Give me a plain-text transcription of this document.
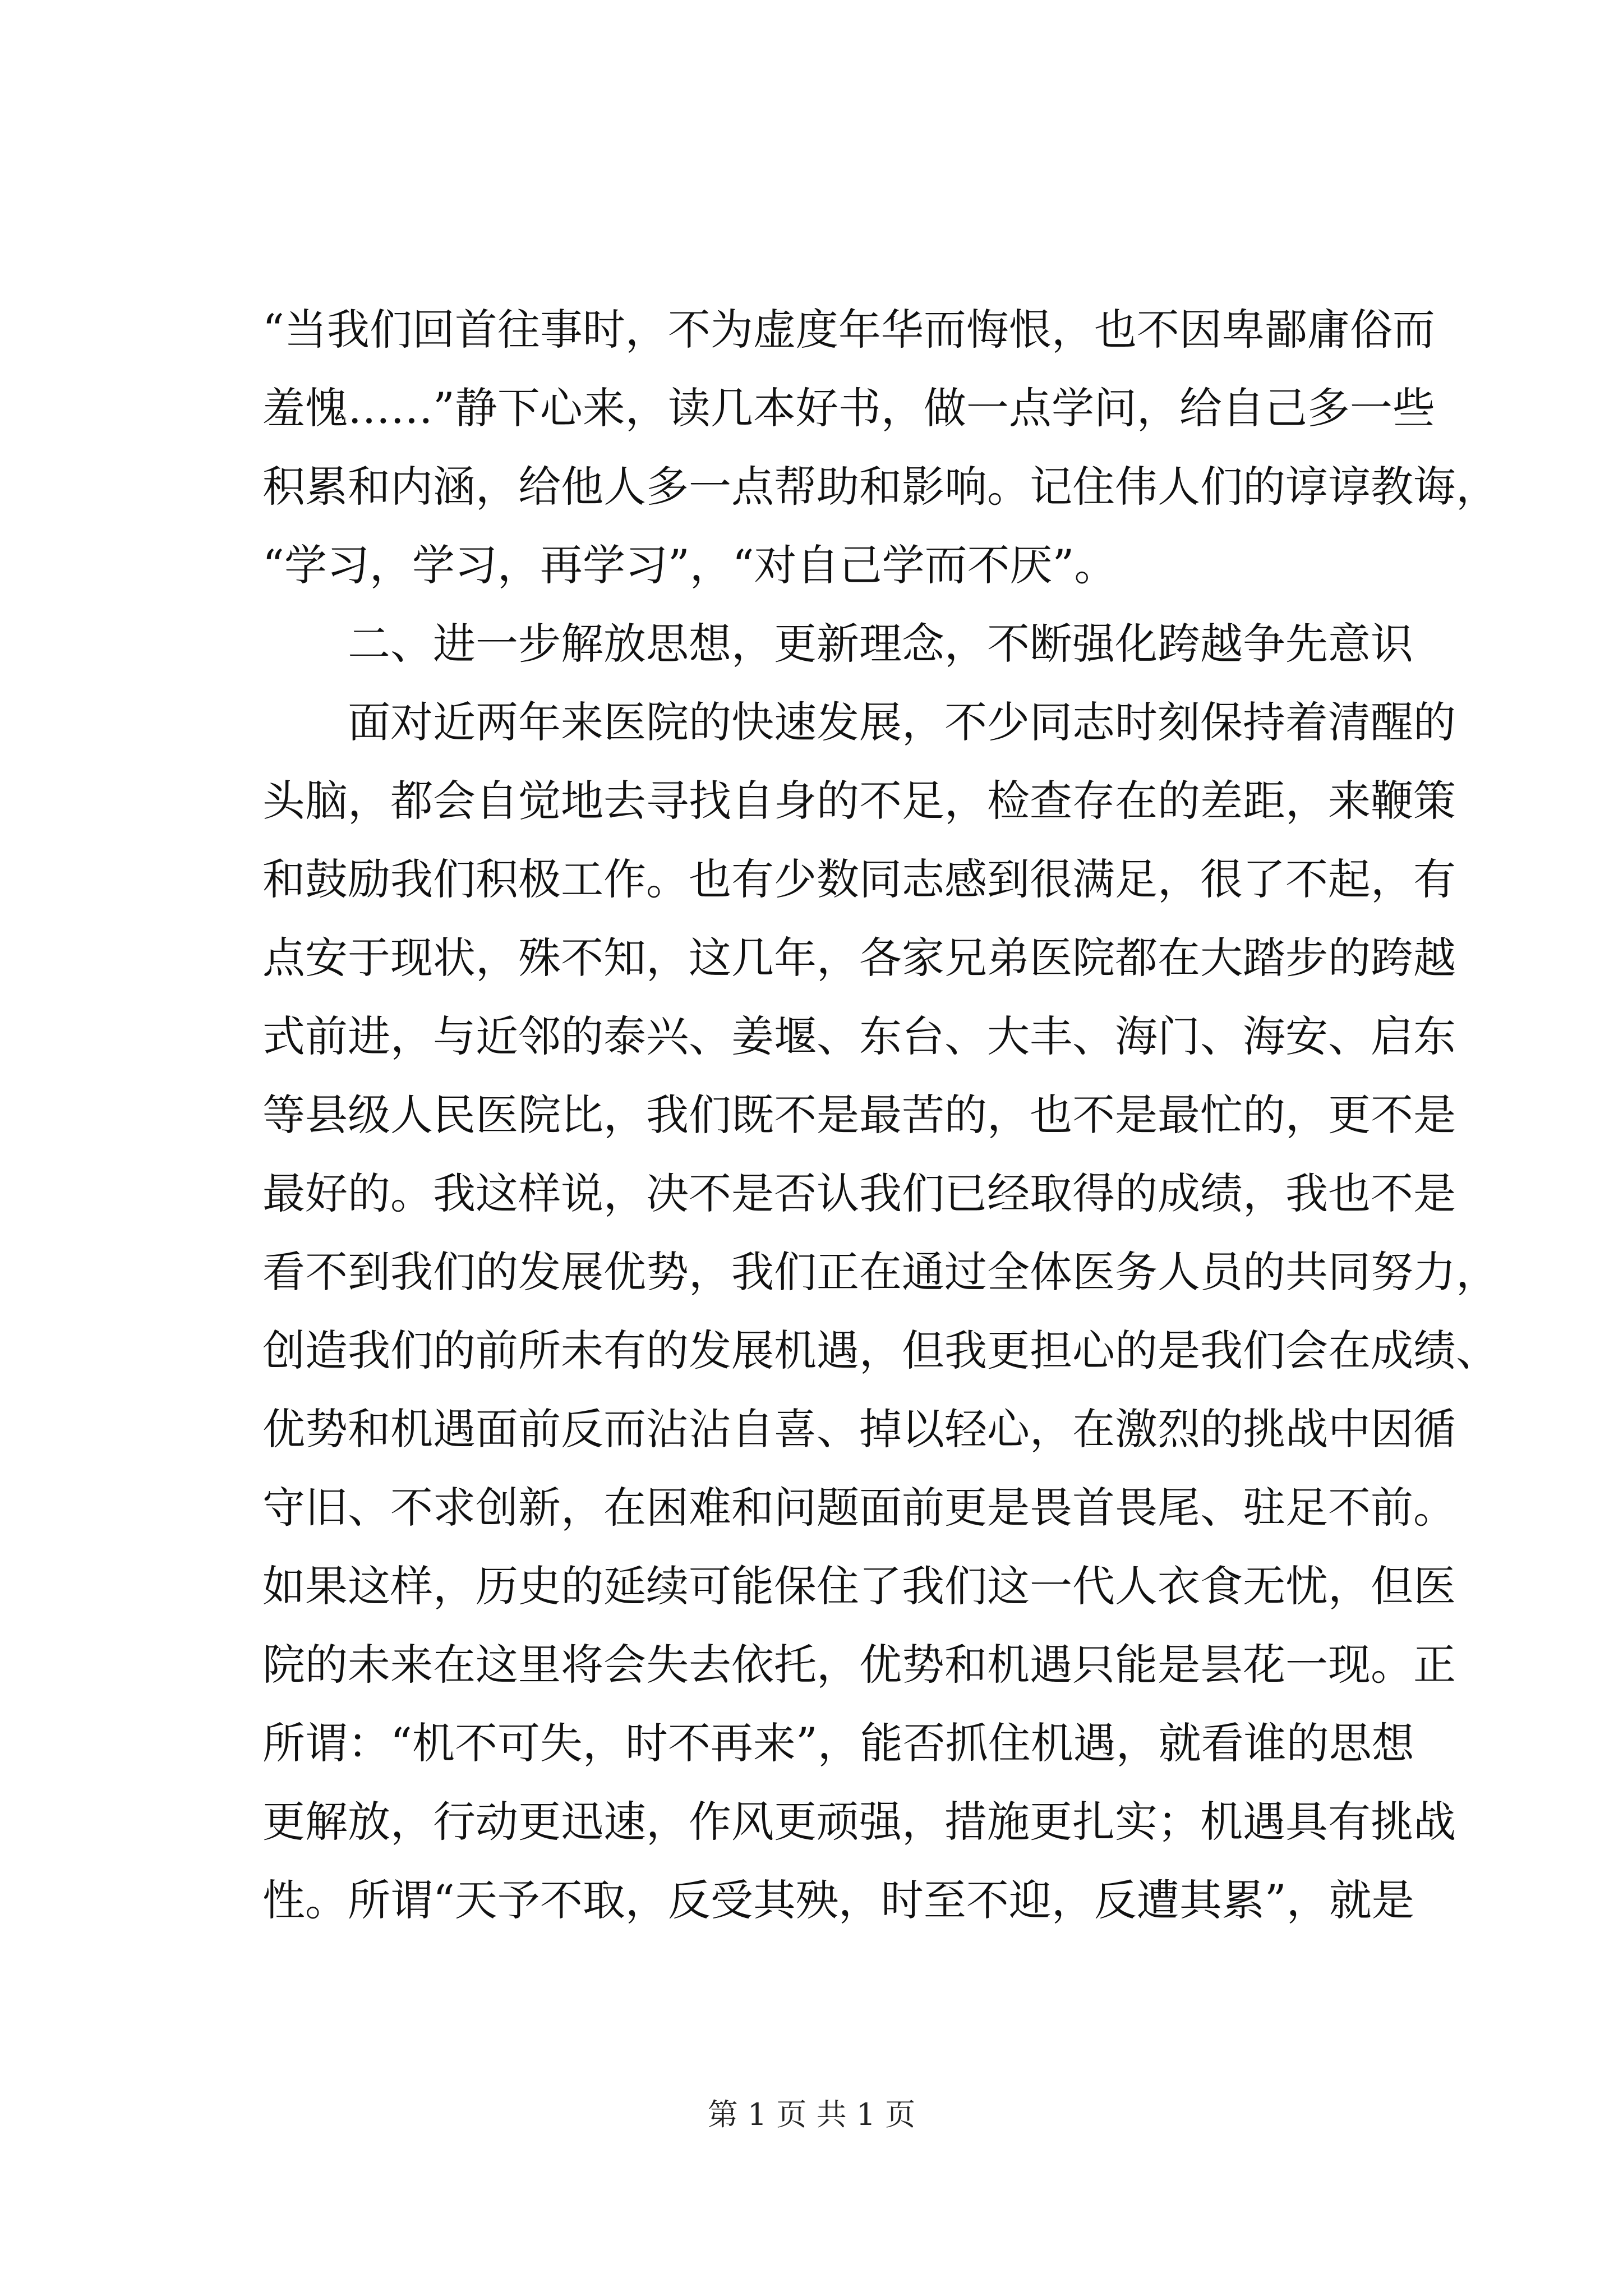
“当我们回首往事时，不为虚度年华而悔恨，也不因卑鄙庸俗而
羞愧……”静下心来，读几本好书，做一点学问，给自己多一些
积累和内涵，给他人多一点帮助和影响。记住伟人们的谆谆教诲，
“学习，学习，再学习”，“对自己学而不厌”。
二、进一步解放思想，更新理念，不断强化跨越争先意识
面对近两年来医院的快速发展，不少同志时刻保持着清醒的
头脑，都会自觉地去寻找自身的不足，检查存在的差距，来鞭策
和鼓励我们积极工作。也有少数同志感到很满足，很了不起，有
点安于现状，殊不知，这几年，各家兄弟医院都在大踏步的跨越
式前进，与近邻的泰兴、姜堰、东台、大丰、海门、海安、启东
等县级人民医院比，我们既不是最苦的，也不是最忙的，更不是
最好的。我这样说，决不是否认我们已经取得的成绩，我也不是
看不到我们的发展优势，我们正在通过全体医务人员的共同努力，
创造我们的前所未有的发展机遇，但我更担心的是我们会在成绩、
优势和机遇面前反而沾沾自喜、掉以轻心，在激烈的挑战中因循
守旧、不求创新，在困难和问题面前更是畏首畏尾、驻足不前。
如果这样，历史的延续可能保住了我们这一代人衣食无忧，但医
院的未来在这里将会失去依托，优势和机遇只能是昙花一现。正
所谓：“机不可失，时不再来”，能否抓住机遇，就看谁的思想
更解放，行动更迅速，作风更顽强，措施更扎实；机遇具有挑战
性。所谓“天予不取，反受其殃，时至不迎，反遭其累”，就是
第 1 页 共 1 页
